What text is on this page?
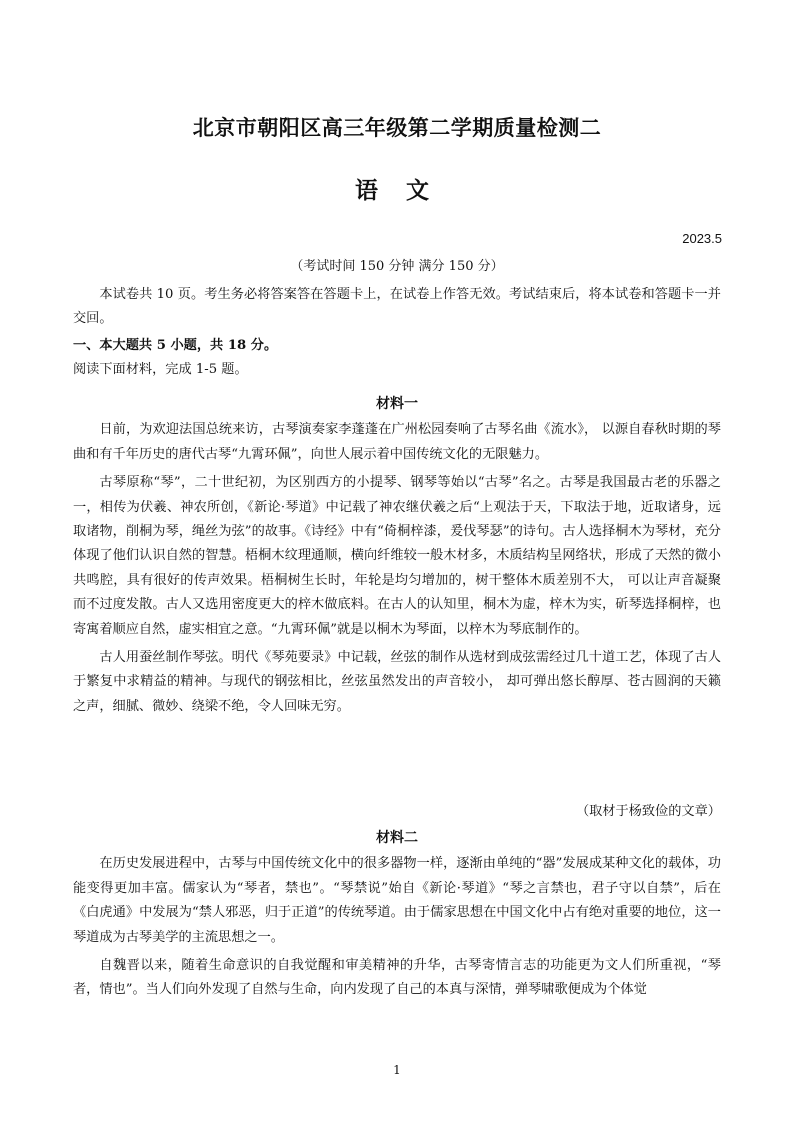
北京市朝阳区高三年级第二学期质量检测二
语 文
2023.5
（考试时间 150 分钟 满分 150 分）

本试卷共 10 页。考生务必将答案答在答题卡上，在试卷上作答无效。考试结束后，将本试卷和答题卡一并交回。

一、本大题共 5 小题，共 18 分。

阅读下面材料，完成 1-5 题。

材料一

日前，为欢迎法国总统来访，古琴演奏家李蓬蓬在广州松园奏响了古琴名曲《流水》， 以源自春秋时期的琴曲和有千年历史的唐代古琴“九霄环佩”，向世人展示着中国传统文化的无限魅力。

古琴原称“琴”，二十世纪初，为区别西方的小提琴、钢琴等始以“古琴”名之。古琴是我国最古老的乐器之一，相传为伏羲、神农所创，《新论·琴道》中记载了神农继伏羲之后“上观法于天，下取法于地，近取诸身，远取诸物，削桐为琴，绳丝为弦”的故事。《诗经》中有“倚桐梓漆，爰伐琴瑟”的诗句。古人选择桐木为琴材，充分体现了他们认识自然的智慧。梧桐木纹理通顺，横向纤维较一般木材多，木质结构呈网络状，形成了天然的微小共鸣腔，具有很好的传声效果。梧桐树生长时，年轮是均匀增加的，树干整体木质差别不大， 可以让声音凝聚而不过度发散。古人又选用密度更大的梓木做底料。在古人的认知里，桐木为虚，梓木为实，斫琴选择桐梓，也寄寓着顺应自然，虚实相宜之意。“九霄环佩”就是以桐木为琴面，以梓木为琴底制作的。

古人用蚕丝制作琴弦。明代《琴苑要录》中记载，丝弦的制作从选材到成弦需经过几十道工艺，体现了古人于繁复中求精益的精神。与现代的钢弦相比，丝弦虽然发出的声音较小， 却可弹出悠长醇厚、苍古圆润的天籁之声，细腻、微妙、绕梁不绝，令人回味无穷。

（取材于杨致俭的文章）

材料二

在历史发展进程中，古琴与中国传统文化中的很多器物一样，逐渐由单纯的“器”发展成某种文化的载体，功能变得更加丰富。儒家认为“琴者，禁也”。“琴禁说”始自《新论·琴道》“琴之言禁也，君子守以自禁”，后在《白虎通》中发展为“禁人邪恶，归于正道”的传统琴道。由于儒家思想在中国文化中占有绝对重要的地位，这一琴道成为古琴美学的主流思想之一。

自魏晋以来，随着生命意识的自我觉醒和审美精神的升华，古琴寄情言志的功能更为文人们所重视，“琴者，情也”。当人们向外发现了自然与生命，向内发现了自己的本真与深情，弹琴啸歌便成为个体觉

1
